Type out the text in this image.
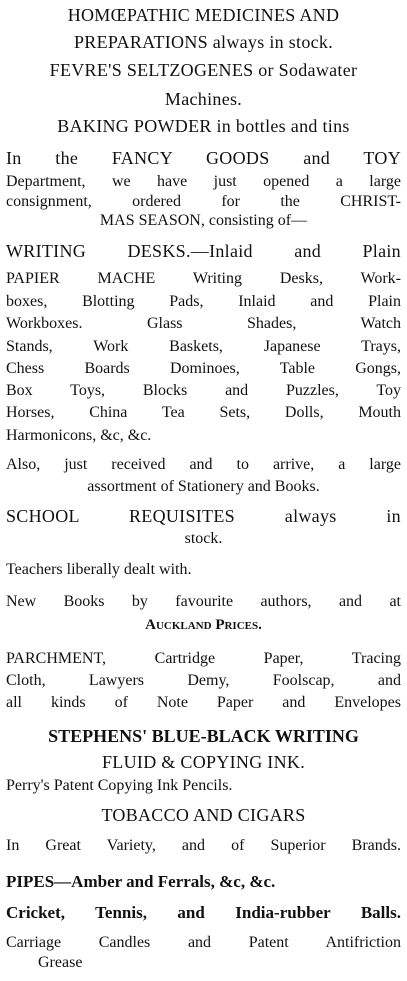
HOMŒPATHIC MEDICINES AND
PREPARATIONS always in stock.
FEVRE'S SELTZOGENES or Sodawater
Machines.
BAKING POWDER in bottles and tins
In the FANCY GOODS and TOY
Department, we have just opened a large
consignment, ordered for the CHRIST-
MAS SEASON, consisting of—
WRITING DESKS.—Inlaid and Plain
PAPIER MACHE Writing Desks, Work-
boxes, Blotting Pads, Inlaid and Plain
Workboxes. Glass Shades, Watch
Stands, Work Baskets, Japanese Trays,
Chess Boards Dominoes, Table Gongs,
Box Toys, Blocks and Puzzles, Toy
Horses, China Tea Sets, Dolls, Mouth
Harmonicons, &c, &c.
Also, just received and to arrive, a large
assortment of Stationery and Books.
SCHOOL REQUISITES always in
stock.
Teachers liberally dealt with.
New Books by favourite authors, and at
Auckland Prices.
PARCHMENT, Cartridge Paper, Tracing
Cloth, Lawyers Demy, Foolscap, and
all kinds of Note Paper and Envelopes
STEPHENS' BLUE-BLACK WRITING
FLUID & COPYING INK.
Perry's Patent Copying Ink Pencils.
TOBACCO AND CIGARS
In Great Variety, and of Superior Brands.
PIPES—Amber and Ferrals, &c, &c.
Cricket, Tennis, and India-rubber Balls.
Carriage Candles and Patent Antifriction
Grease
